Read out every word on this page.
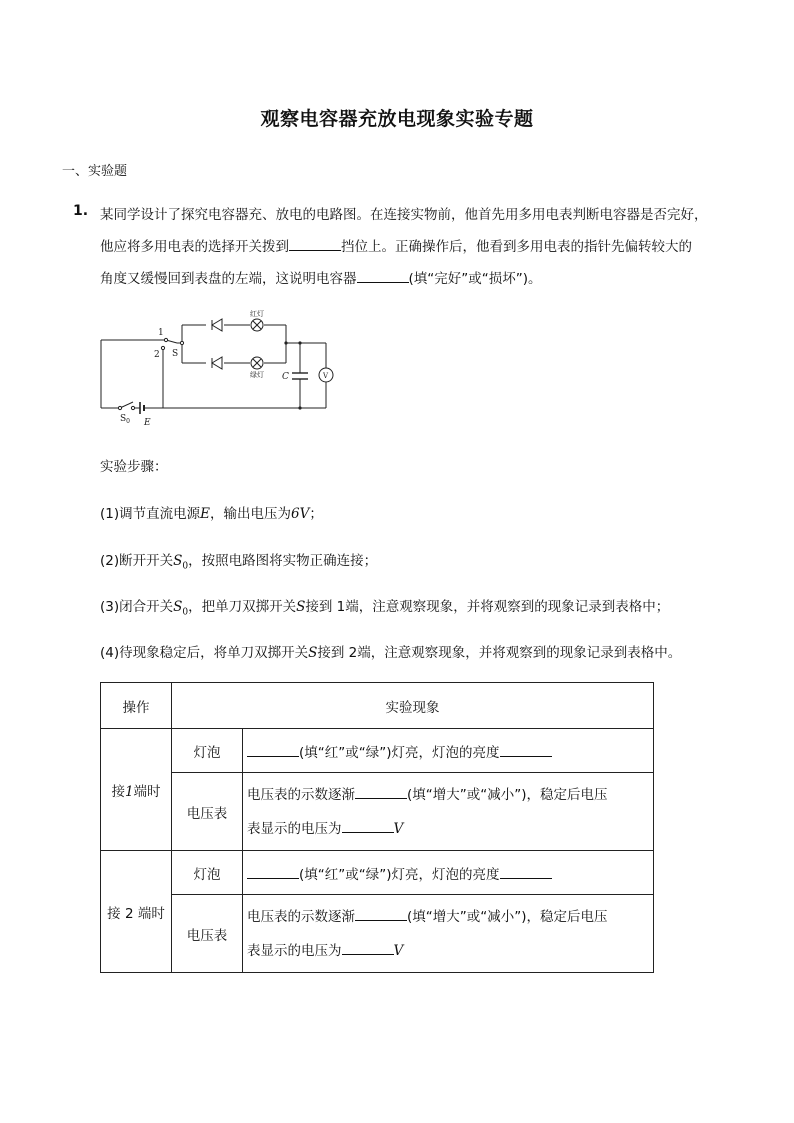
观察电容器充放电现象实验专题
一、实验题
1. 某同学设计了探究电容器充、放电的电路图。在连接实物前，他首先用多用电表判断电容器是否完好，
他应将多用电表的选择开关拨到	挡位上。正确操作后，他看到多用电表的指针先偏转较大的
角度又缓慢回到表盘的左端，这说明电容器	(填“完好”或“损坏”)。
1
2 S
$S_0$ E
C	V
红灯
绿灯
实验步骤：
(1)调节直流电源E，输出电压为6V；
(2)断开开关$S_0$，按照电路图将实物正确连接；
(3)闭合开关$S_0$，把单刀双掷开关S接到 1端，注意观察现象，并将观察到的现象记录到表格中；
(4)待现象稳定后，将单刀双掷开关S接到 2端，注意观察现象，并将观察到的现象记录到表格中。
操作	实验现象	
接1端时	灯泡	(填“红”或“绿”)灯亮，灯泡的亮度
	电压表	电压表的示数逐渐 (填“增大”或“减小”)，稳定后电压
表显示的电压为 V
接 2 端时	灯泡	(填“红”或“绿”)灯亮，灯泡的亮度
	电压表	电压表的示数逐渐 (填“增大”或“减小”)，稳定后电压
表显示的电压为 V
